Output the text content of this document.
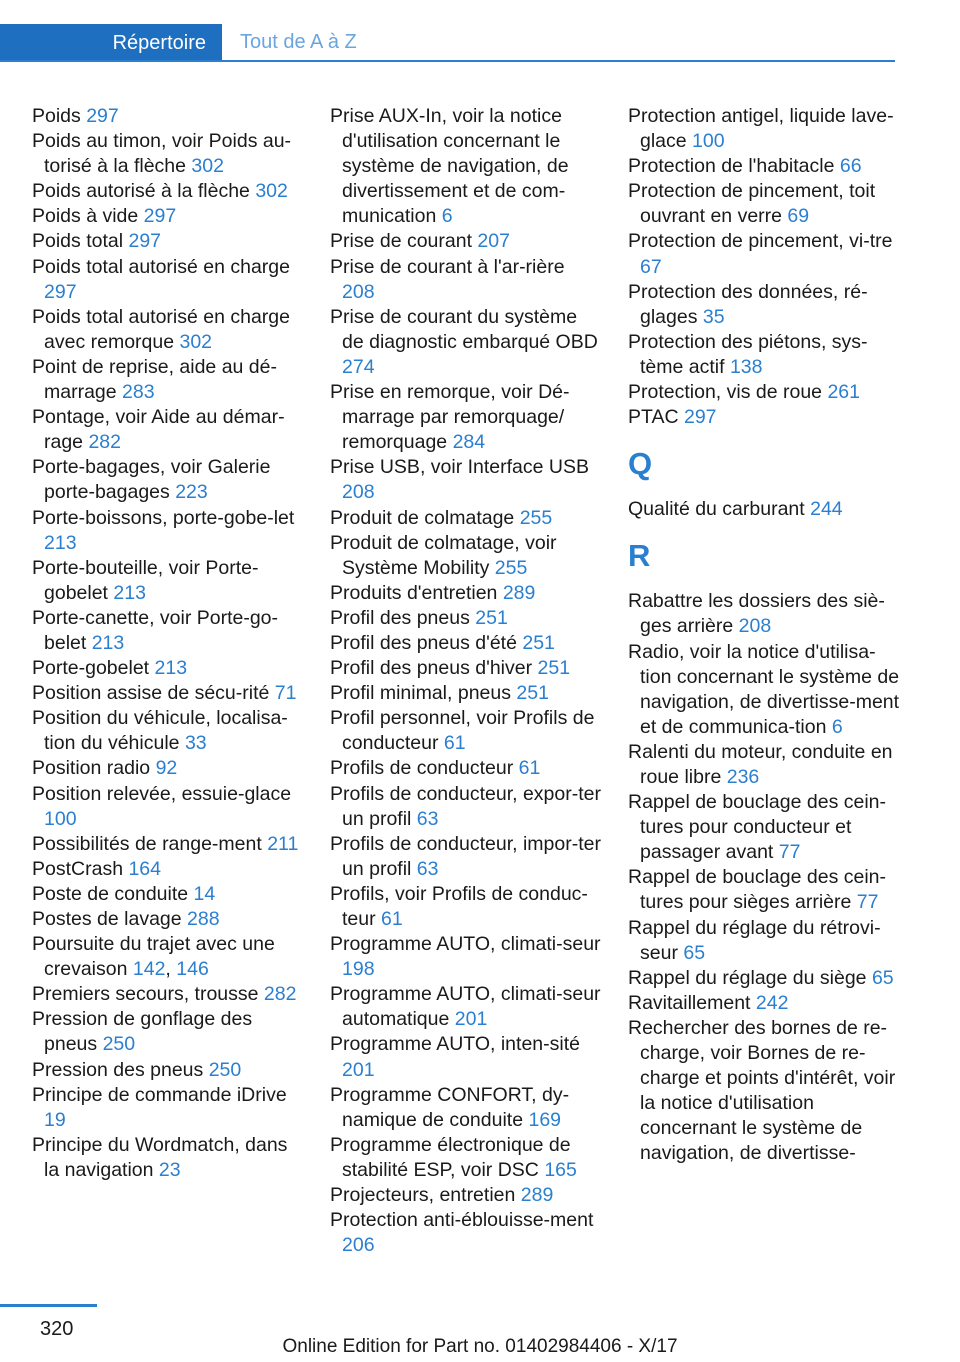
Répertoire	Tout de A à Z

Poids 297

Poids au timon, voir Poids au-torisé à la flèche 302

Poids autorisé à la flèche 302

Poids à vide 297

Poids total 297

Poids total autorisé en charge 297

Poids total autorisé en charge avec remorque 302

Point de reprise, aide au dé-marrage 283

Pontage, voir Aide au démar-rage 282

Porte-bagages, voir Galerie porte-bagages 223

Porte-boissons, porte-gobe-let 213

Porte-bouteille, voir Porte-gobelet 213

Porte-canette, voir Porte-go-belet 213

Porte-gobelet 213

Position assise de sécu-rité 71

Position du véhicule, localisa-tion du véhicule 33

Position radio 92

Position relevée, essuie-glace 100

Possibilités de range-ment 211

PostCrash 164

Poste de conduite 14

Postes de lavage 288

Poursuite du trajet avec une crevaison 142, 146

Premiers secours, trousse 282

Pression de gonflage des pneus 250

Pression des pneus 250

Principe de commande iDrive 19

Principe du Wordmatch, dans la navigation 23

Prise AUX-In, voir la notice d'utilisation concernant le système de navigation, de divertissement et de com-munication 6

Prise de courant 207

Prise de courant à l'ar-rière 208

Prise de courant du système de diagnostic embarqué OBD 274

Prise en remorque, voir Dé-marrage par remorquage/ remorquage 284

Prise USB, voir Interface USB 208

Produit de colmatage 255

Produit de colmatage, voir Système Mobility 255

Produits d'entretien 289

Profil des pneus 251

Profil des pneus d'été 251

Profil des pneus d'hiver 251

Profil minimal, pneus 251

Profil personnel, voir Profils de conducteur 61

Profils de conducteur 61

Profils de conducteur, expor-ter un profil 63

Profils de conducteur, impor-ter un profil 63

Profils, voir Profils de conduc-teur 61

Programme AUTO, climati-seur 198

Programme AUTO, climati-seur automatique 201

Programme AUTO, inten-sité 201

Programme CONFORT, dy-namique de conduite 169

Programme électronique de stabilité ESP, voir DSC 165

Projecteurs, entretien 289

Protection anti-éblouisse-ment 206

Protection antigel, liquide lave-glace 100

Protection de l'habitacle 66

Protection de pincement, toit ouvrant en verre 69

Protection de pincement, vi-tre 67

Protection des données, ré-glages 35

Protection des piétons, sys-tème actif 138

Protection, vis de roue 261

PTAC 297

Q

Qualité du carburant 244

R

Rabattre les dossiers des siè-ges arrière 208

Radio, voir la notice d'utilisa-tion concernant le système de navigation, de divertisse-ment et de communica-tion 6

Ralenti du moteur, conduite en roue libre 236

Rappel de bouclage des cein-tures pour conducteur et passager avant 77

Rappel de bouclage des cein-tures pour sièges arrière 77

Rappel du réglage du rétrovi-seur 65

Rappel du réglage du siège 65

Ravitaillement 242

Rechercher des bornes de re-charge, voir Bornes de re-charge et points d'intérêt, voir la notice d'utilisation concernant le système de navigation, de divertisse-

320
Online Edition for Part no. 01402984406 - X/17
